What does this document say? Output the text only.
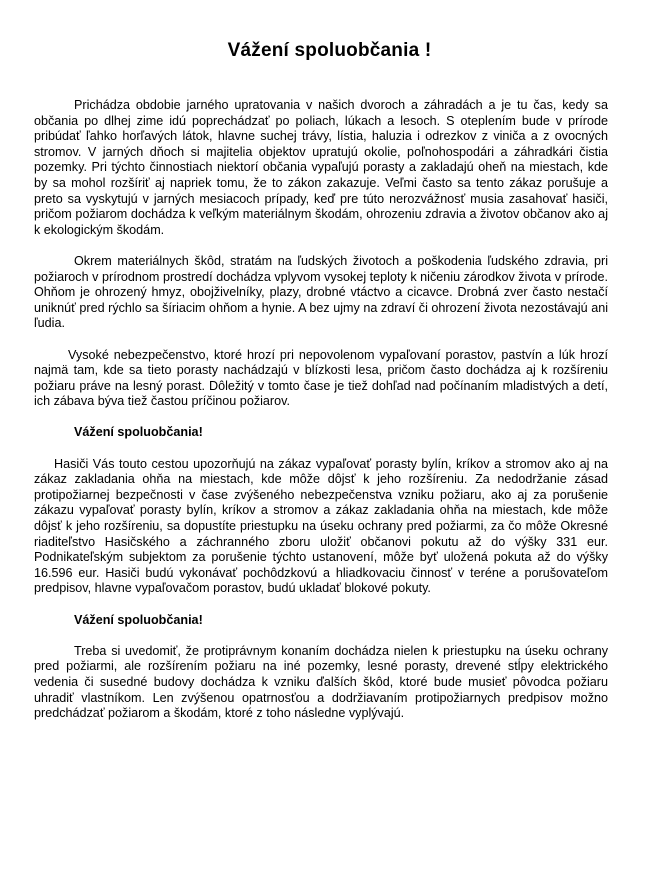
Vážení spoluobčania !

Prichádza obdobie jarného upratovania v našich dvoroch a záhradách a je tu čas, kedy sa občania po dlhej zime idú poprechádzať po poliach, lúkach a lesoch. S oteplením bude v prírode pribúdať ľahko horľavých látok, hlavne suchej trávy, lístia, haluzia i odrezkov z viniča a z ovocných stromov. V jarných dňoch si majitelia objektov upratujú okolie, poľnohospodári a záhradkári čistia pozemky. Pri týchto činnostiach niektorí občania vypaľujú porasty a zakladajú oheň na miestach, kde by sa mohol rozšíriť aj napriek tomu, že to zákon zakazuje. Veľmi často sa tento zákaz porušuje a preto sa vyskytujú v jarných mesiacoch prípady, keď pre túto nerozvážnosť musia zasahovať hasiči, pričom požiarom dochádza k veľkým materiálnym škodám, ohrozeniu zdravia a životov občanov ako aj k ekologickým škodám.

Okrem materiálnych škôd, stratám na ľudských životoch a poškodenia ľudského zdravia, pri požiaroch v prírodnom prostredí dochádza vplyvom vysokej teploty k ničeniu zárodkov života v prírode. Ohňom je ohrozený hmyz, obojživelníky, plazy, drobné vtáctvo a cicavce. Drobná zver často nestačí uniknúť pred rýchlo sa šíriacim ohňom a hynie. A bez ujmy na zdraví či ohrození života nezostávajú ani ľudia.

Vysoké nebezpečenstvo, ktoré hrozí pri nepovolenom vypaľovaní porastov, pastvín a lúk hrozí najmä tam, kde sa tieto porasty nachádzajú v blízkosti lesa, pričom často dochádza aj k rozšíreniu požiaru práve na lesný porast. Dôležitý v tomto čase je tiež dohľad nad počínaním mladistvých a detí, ich zábava býva tiež častou príčinou požiarov.

Vážení spoluobčania!

Hasiči Vás touto cestou upozorňujú na zákaz vypaľovať porasty bylín, kríkov a stromov ako aj na zákaz zakladania ohňa na miestach, kde môže dôjsť k jeho rozšíreniu. Za nedodržanie zásad protipožiarnej bezpečnosti v čase zvýšeného nebezpečenstva vzniku požiaru, ako aj za porušenie zákazu vypaľovať porasty bylín, kríkov a stromov a zákaz zakladania ohňa na miestach, kde môže dôjsť k jeho rozšíreniu, sa dopustíte priestupku na úseku ochrany pred požiarmi, za čo môže Okresné riaditeľstvo Hasičského a záchranného zboru uložiť občanovi pokutu až do výšky 331 eur. Podnikateľským subjektom za porušenie týchto ustanovení, môže byť uložená pokuta až do výšky 16.596 eur. Hasiči budú vykonávať pochôdzkovú a hliadkovaciu činnosť v teréne a porušovateľom predpisov, hlavne vypaľovačom porastov, budú ukladať blokové pokuty.

Vážení spoluobčania!

Treba si uvedomiť, že protiprávnym konaním dochádza nielen k priestupku na úseku ochrany pred požiarmi, ale rozšírením požiaru na iné pozemky, lesné porasty, drevené stĺpy elektrického vedenia či susedné budovy dochádza k vzniku ďalších škôd, ktoré bude musieť pôvodca požiaru uhradiť vlastníkom. Len zvýšenou opatrnosťou a dodržiavaním protipožiarnych predpisov možno predchádzať požiarom a škodám, ktoré z toho následne vyplývajú.
